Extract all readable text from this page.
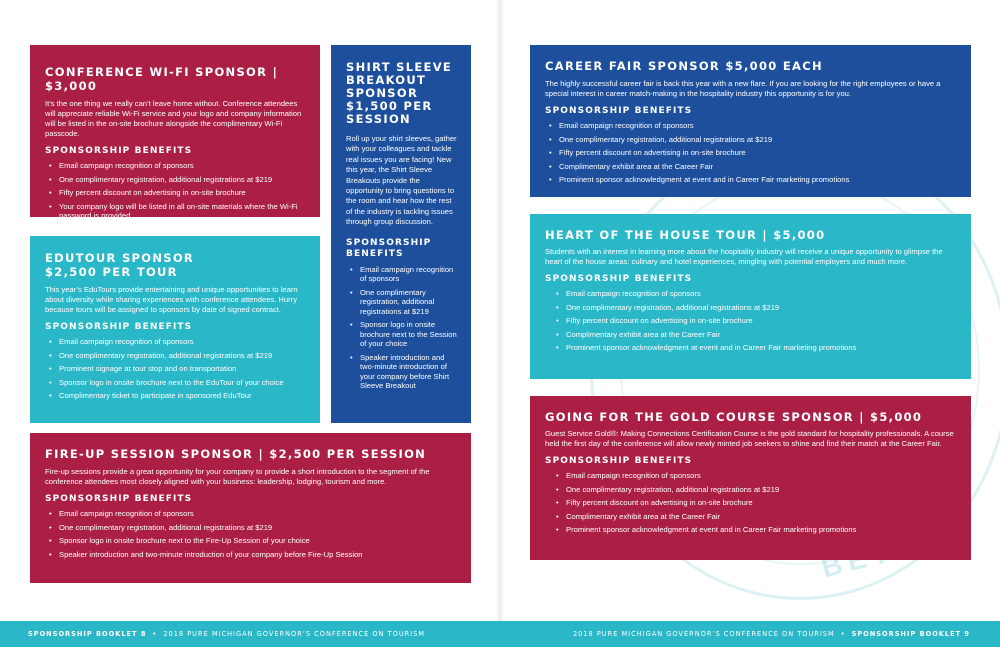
CONFERENCE WI-FI SPONSOR | $3,000

It’s the one thing we really can’t leave home without. Conference attendees will appreciate reliable Wi-Fi service and your logo and company information will be listed in the on-site brochure alongside the complimentary Wi-Fi passcode.

SPONSORSHIP BENEFITS
• Email campaign recognition of sponsors
• One complimentary registration, additional registrations at $219
• Fifty percent discount on advertising in on-site brochure
• Your company logo will be listed in all on-site materials where the Wi-Fi password is provided
SHIRT SLEEVE BREAKOUT SPONSOR $1,500 PER SESSION

Roll up your shirt sleeves, gather with your colleagues and tackle real issues you are facing! New this year, the Shirt Sleeve Breakouts provide the opportunity to bring questions to the room and hear how the rest of the industry is tackling issues through group discussion.

SPONSORSHIP BENEFITS
• Email campaign recognition of sponsors
• One complimentary registration, additional registrations at $219
• Sponsor logo in onsite brochure next to the Session of your choice
• Speaker introduction and two-minute introduction of your company before Shirt Sleeve Breakout
EDUTOUR SPONSOR
$2,500 PER TOUR

This year’s EduTours provide entertaining and unique opportunities to learn about diversity while sharing experiences with conference attendees. Hurry because tours will be assigned to sponsors by date of signed contract.

SPONSORSHIP BENEFITS
• Email campaign recognition of sponsors
• One complimentary registration, additional registrations at $219
• Prominent signage at tour stop and on transportation
• Sponsor logo in onsite brochure next to the EduTour of your choice
• Complimentary ticket to participate in sponsored EduTour
FIRE-UP SESSION SPONSOR | $2,500 PER SESSION

Fire-up sessions provide a great opportunity for your company to provide a short introduction to the segment of the conference attendees most closely aligned with your business: leadership, lodging, tourism and more.

SPONSORSHIP BENEFITS
• Email campaign recognition of sponsors
• One complimentary registration, additional registrations at $219
• Sponsor logo in onsite brochure next to the Fire-Up Session of your choice
• Speaker introduction and two-minute introduction of your company before Fire-Up Session
CAREER FAIR SPONSOR $5,000 EACH

The highly successful career fair is back this year with a new flare. If you are looking for the right employees or have a special interest in career match-making in the hospitality industry this opportunity is for you.

SPONSORSHIP BENEFITS
• Email campaign recognition of sponsors
• One complimentary registration, additional registrations at $219
• Fifty percent discount on advertising in on-site brochure
• Complimentary exhibit area at the Career Fair
• Prominent sponsor acknowledgment at event and in Career Fair marketing promotions
HEART OF THE HOUSE TOUR | $5,000

Students with an interest in learning more about the hospitality industry will receive a unique opportunity to glimpse the heart of the house areas: culinary and hotel experiences, mingling with potential employers and much more.

SPONSORSHIP BENEFITS
• Email campaign recognition of sponsors
• One complimentary registration, additional registrations at $219
• Fifty percent discount on advertising in on-site brochure
• Complimentary exhibit area at the Career Fair
• Prominent sponsor acknowledgment at event and in Career Fair marketing promotions
GOING FOR THE GOLD COURSE SPONSOR | $5,000

Guest Service Gold®: Making Connections Certification Course is the gold standard for hospitality professionals. A course held the first day of the conference will allow newly minted job seekers to shine and find their match at the Career Fair.

SPONSORSHIP BENEFITS
• Email campaign recognition of sponsors
• One complimentary registration, additional registrations at $219
• Fifty percent discount on advertising in on-site brochure
• Complimentary exhibit area at the Career Fair
• Prominent sponsor acknowledgment at event and in Career Fair marketing promotions
SPONSORSHIP BOOKLET 8 • 2018 PURE MICHIGAN GOVERNOR’S CONFERENCE ON TOURISM	2018 PURE MICHIGAN GOVERNOR’S CONFERENCE ON TOURISM • SPONSORSHIP BOOKLET 9
